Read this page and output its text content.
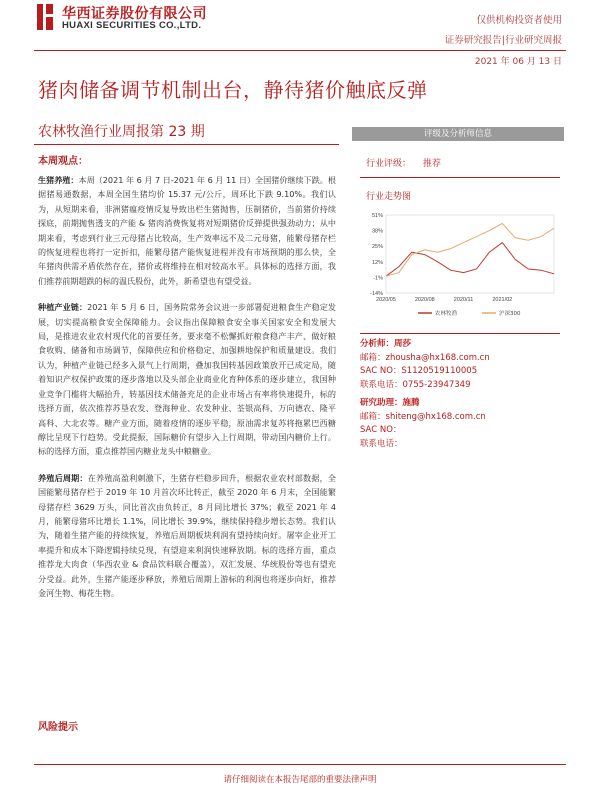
华西证券股份有限公司
HUAXI SECURITIES CO.,LTD.	仅供机构投资者使用
证券研究报告|行业研究周报
2021 年 06 月 13 日
猪肉储备调节机制出台，静待猪价触底反弹
农林牧渔行业周报第 23 期
本周观点：

生猪养殖：本周（2021 年 6 月 7 日-2021 年 6 月 11 日）全国猪价继续下跌。根据猪易通数据，本周全国生猪均价 15.37 元/公斤，周环比下跌 9.10%。我们认为，从短期来看，非洲猪瘟疫情反复导致出栏生猪抛售，压制猪价，当前猪价持续探底，前期抛售透支的产能 & 猪肉消费恢复将对短期猪价反弹提供强劲动力；从中期来看，考虑到行业三元母猪占比较高，生产效率远不及二元母猪，能繁母猪存栏的恢复进程也将打一定折扣，能繁母猪产能恢复进程并没有市场预期的那么快，全年猪肉供需矛盾依然存在，猪价或将维持在相对较高水平。具体标的选择方面，我们推荐前期超跌的标的温氏股份，此外，新希望也有望受益。

种植产业链：2021 年 5 月 6 日，国务院常务会议进一步部署促进粮食生产稳定发展，切实提高粮食安全保障能力。会议指出保障粮食安全事关国家安全和发展大局，是推进农业农村现代化的首要任务，要求毫不松懈抓好粮食稳产丰产、做好粮食收购、储备和市场调节，保障供应和价格稳定、加强耕地保护和质量建设。我们认为，种植产业链已经多入景气上行周期，叠加我国转基因政策放开已成定局，随着知识产权保护政策的逐步落地以及头部企业商业化育种体系的逐步建立，我国种业竞争门槛将大幅抬升，转基因技术储备充足的企业市场占有率将快速提升，标的选择方面，依次推荐苏垦农发、登海种业、农发种业、荃银高科、万向德农、隆平高科、大北农等。糖产业方面，随着疫情的逐步平稳，原油需求复苏将拖累巴西糖醇比呈现下行趋势。受此提振，国际糖价有望步入上行周期，带动国内糖价上行。标的选择方面，重点推荐国内糖业龙头中粮糖业。

养殖后周期：在养殖高盈利刺激下，生猪存栏稳步回升，根据农业农村部数据，全国能繁母猪存栏于 2019 年 10 月首次环比转正，截至 2020 年 6 月末，全国能繁母猪存栏 3629 万头，同比首次由负转正，8 月同比增长 37%；截至 2021 年 4 月，能繁母猪环比增长 1.1%，同比增长 39.9%，继续保持稳步增长态势。我们认为，随着生猪产能的持续恢复，养殖后周期板块利润有望持续向好。屠宰企业开工率提升和成本下降逻辑持续兑现，有望迎来利润快速释放期。标的选择方面，重点推荐龙大肉食（华西农业 & 食品饮料联合覆盖），双汇发展、华统股份等也有望充分受益。此外，生猪产能逐步释放，养殖后周期上游标的利润也将逐步向好，推荐金河生物、梅花生物。

风险提示
评级及分析师信息
行业评级： 推荐
行业走势图
51%
38%
25%
12%
-1%
-14%
2020/05	2020/08	2020/11	2021/02
农林牧渔	沪深300
分析师：周莎
邮箱：zhousha@hx168.com.cn
SAC NO：S1120519110005
联系电话：0755-23947349
研究助理：施腾
邮箱：shiteng@hx168.com.cn
SAC NO：
联系电话：
请仔细阅读在本报告尾部的重要法律声明
